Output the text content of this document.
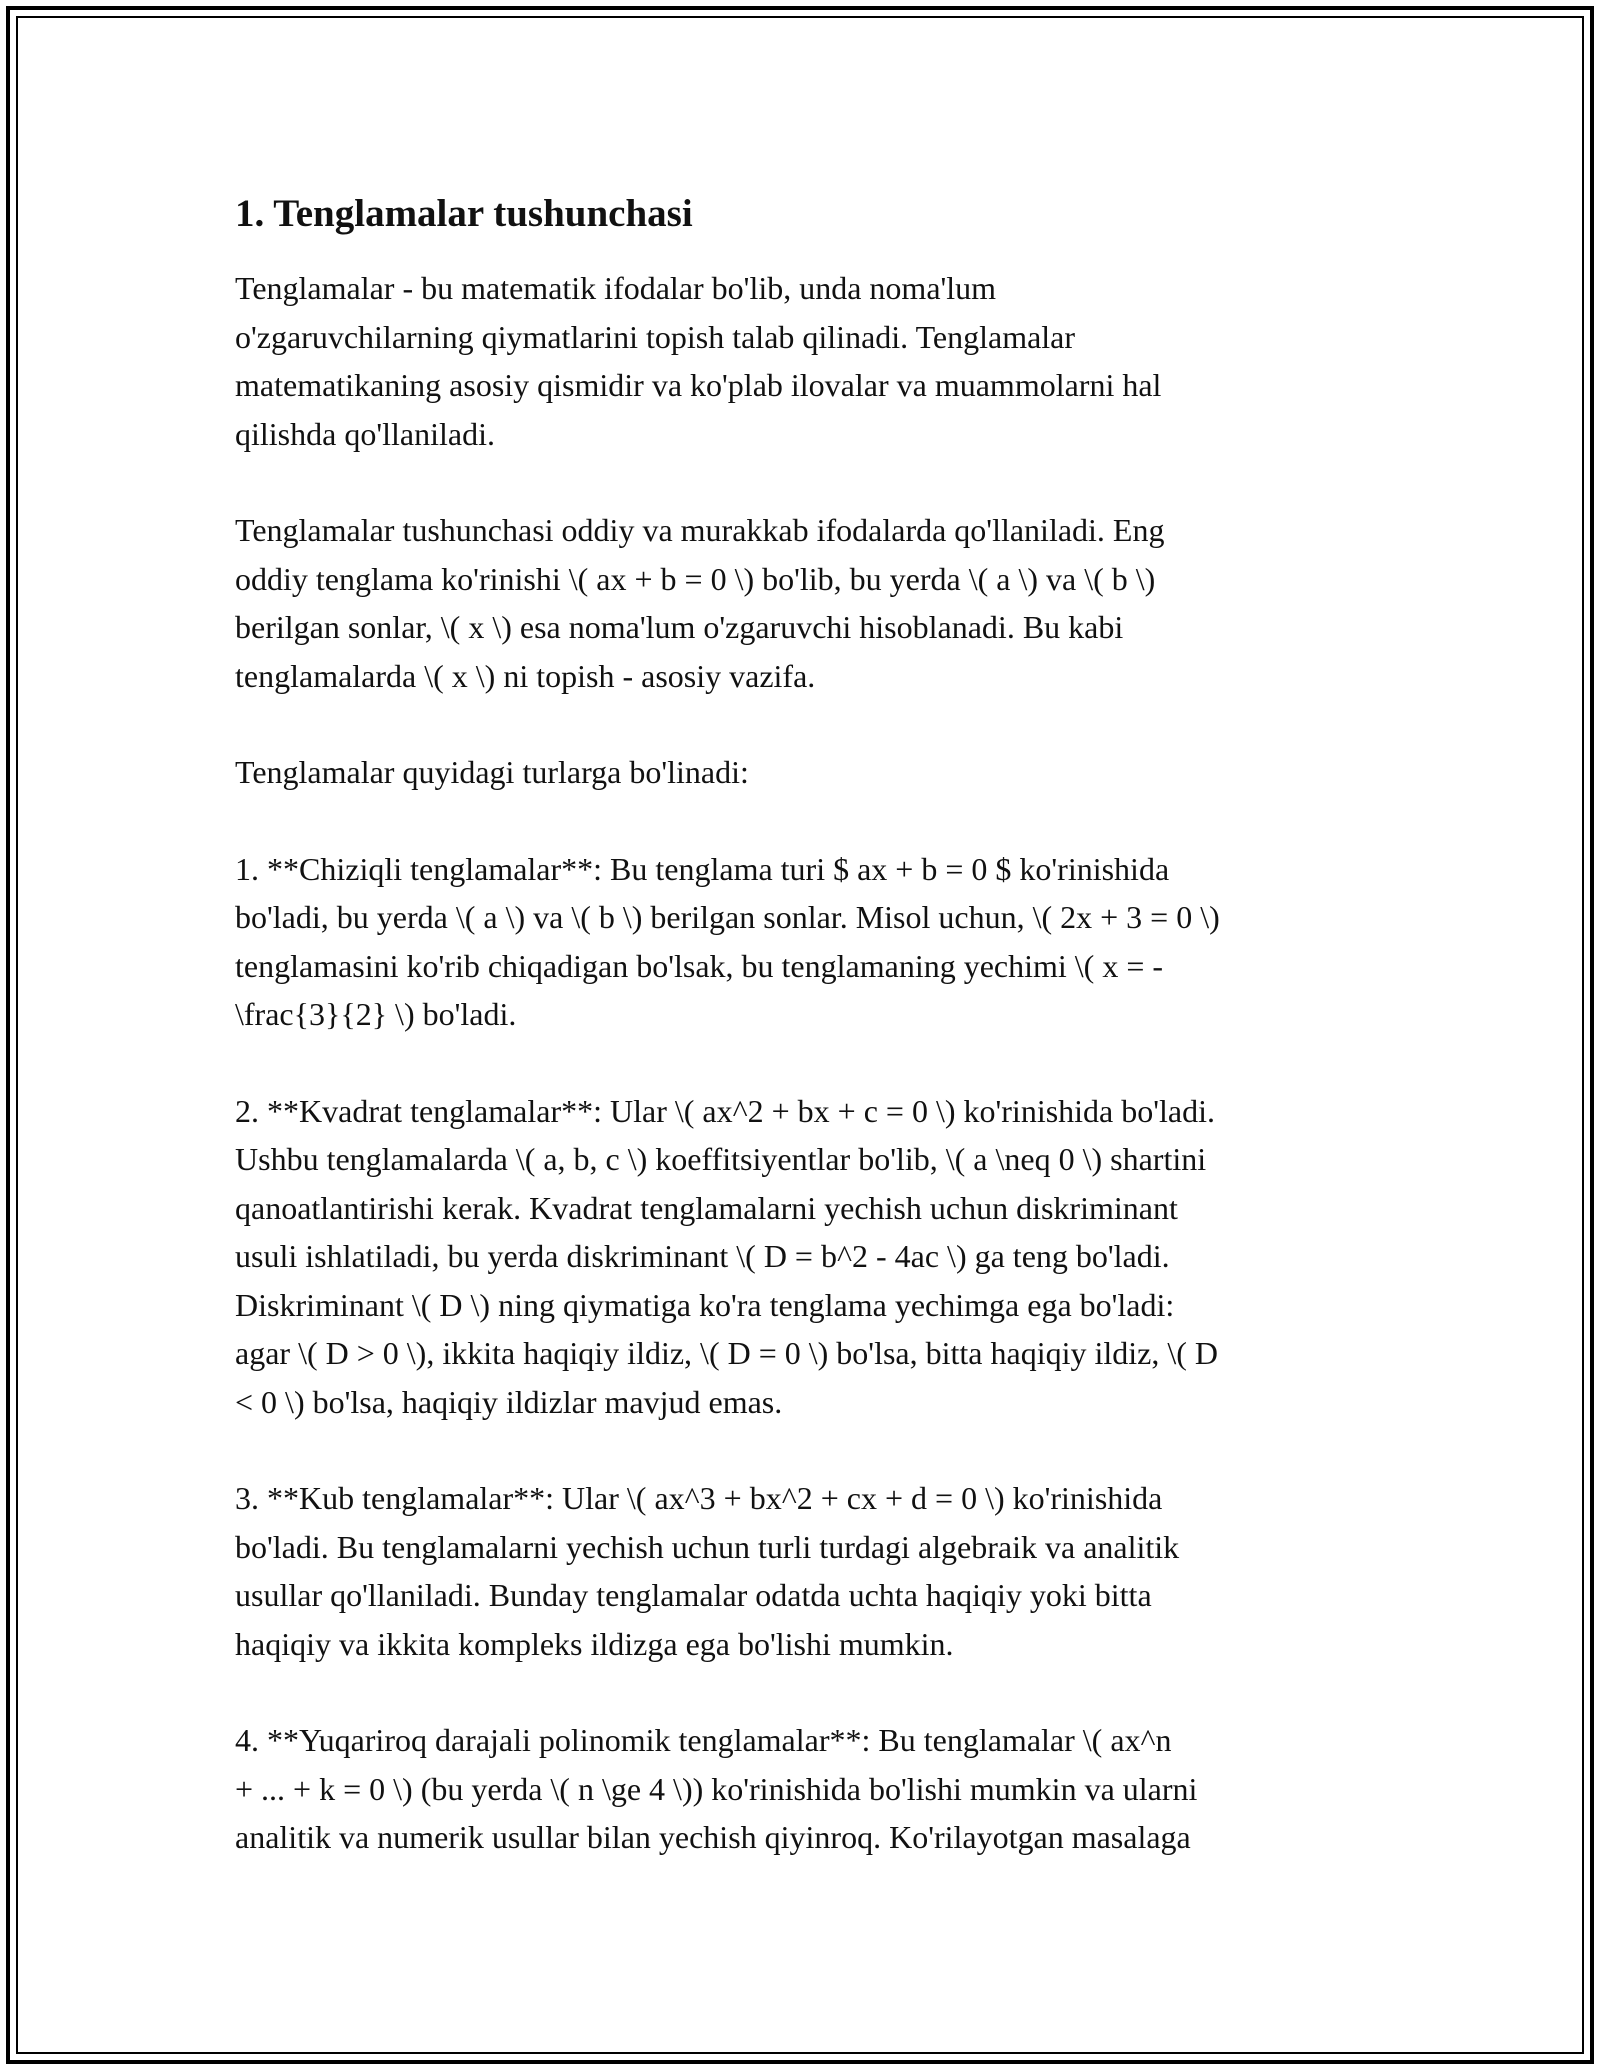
1. Tenglamalar tushunchasi

Tenglamalar - bu matematik ifodalar bo'lib, unda noma'lum
o'zgaruvchilarning qiymatlarini topish talab qilinadi. Tenglamalar
matematikaning asosiy qismidir va ko'plab ilovalar va muammolarni hal
qilishda qo'llaniladi.

Tenglamalar tushunchasi oddiy va murakkab ifodalarda qo'llaniladi. Eng
oddiy tenglama ko'rinishi \( ax + b = 0 \) bo'lib, bu yerda \( a \) va \( b \)
berilgan sonlar, \( x \) esa noma'lum o'zgaruvchi hisoblanadi. Bu kabi
tenglamalarda \( x \) ni topish - asosiy vazifa.

Tenglamalar quyidagi turlarga bo'linadi:

1. **Chiziqli tenglamalar**: Bu tenglama turi $ ax + b = 0 $ ko'rinishida
bo'ladi, bu yerda \( a \) va \( b \) berilgan sonlar. Misol uchun, \( 2x + 3 = 0 \)
tenglamasini ko'rib chiqadigan bo'lsak, bu tenglamaning yechimi \( x = -
\frac{3}{2} \) bo'ladi.

2. **Kvadrat tenglamalar**: Ular \( ax^2 + bx + c = 0 \) ko'rinishida bo'ladi.
Ushbu tenglamalarda \( a, b, c \) koeffitsiyentlar bo'lib, \( a \neq 0 \) shartini
qanoatlantirishi kerak. Kvadrat tenglamalarni yechish uchun diskriminant
usuli ishlatiladi, bu yerda diskriminant \( D = b^2 - 4ac \) ga teng bo'ladi.
Diskriminant \( D \) ning qiymatiga ko'ra tenglama yechimga ega bo'ladi:
agar \( D > 0 \), ikkita haqiqiy ildiz, \( D = 0 \) bo'lsa, bitta haqiqiy ildiz, \( D
< 0 \) bo'lsa, haqiqiy ildizlar mavjud emas.

3. **Kub tenglamalar**: Ular \( ax^3 + bx^2 + cx + d = 0 \) ko'rinishida
bo'ladi. Bu tenglamalarni yechish uchun turli turdagi algebraik va analitik
usullar qo'llaniladi. Bunday tenglamalar odatda uchta haqiqiy yoki bitta
haqiqiy va ikkita kompleks ildizga ega bo'lishi mumkin.

4. **Yuqariroq darajali polinomik tenglamalar**: Bu tenglamalar \( ax^n
+ ... + k = 0 \) (bu yerda \( n \ge 4 \)) ko'rinishida bo'lishi mumkin va ularni
analitik va numerik usullar bilan yechish qiyinroq. Ko'rilayotgan masalaga
